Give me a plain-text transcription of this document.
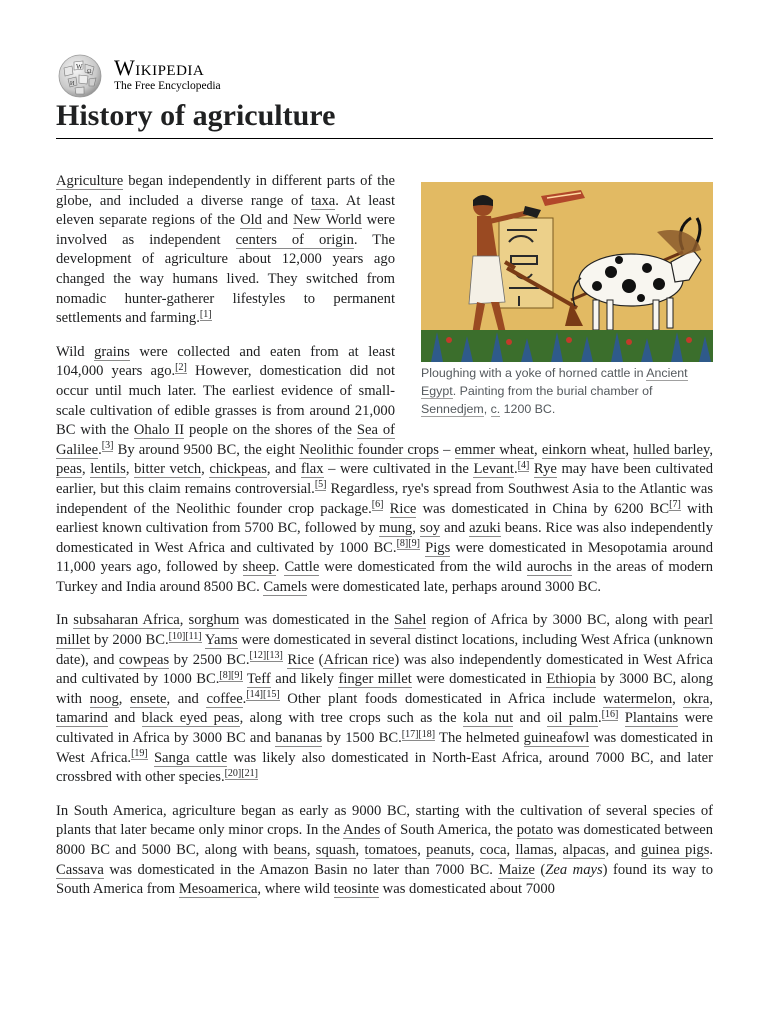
W
Ω
И
Wikipedia
The Free Encyclopedia
History of agriculture
Ploughing with a yoke of horned cattle in Ancient Egypt. Painting from the burial chamber of Sennedjem, c. 1200 BC.

Agriculture began independently in different parts of the globe, and included a diverse range of taxa. At least eleven separate regions of the Old and New World were involved as independent centers of origin. The development of agriculture about 12,000 years ago changed the way humans lived. They switched from nomadic hunter-gatherer lifestyles to permanent settlements and farming.[1]

Wild grains were collected and eaten from at least 104,000 years ago.[2] However, domestication did not occur until much later. The earliest evidence of small-scale cultivation of edible grasses is from around 21,000 BC with the Ohalo II people on the shores of the Sea of Galilee.[3] By around 9500 BC, the eight Neolithic founder crops – emmer wheat, einkorn wheat, hulled barley, peas, lentils, bitter vetch, chickpeas, and flax – were cultivated in the Levant.[4] Rye may have been cultivated earlier, but this claim remains controversial.[5] Regardless, rye's spread from Southwest Asia to the Atlantic was independent of the Neolithic founder crop package.[6] Rice was domesticated in China by 6200 BC[7] with earliest known cultivation from 5700 BC, followed by mung, soy and azuki beans. Rice was also independently domesticated in West Africa and cultivated by 1000 BC.[8][9] Pigs were domesticated in Mesopotamia around 11,000 years ago, followed by sheep. Cattle were domesticated from the wild aurochs in the areas of modern Turkey and India around 8500 BC. Camels were domesticated late, perhaps around 3000 BC.

In subsaharan Africa, sorghum was domesticated in the Sahel region of Africa by 3000 BC, along with pearl millet by 2000 BC.[10][11] Yams were domesticated in several distinct locations, including West Africa (unknown date), and cowpeas by 2500 BC.[12][13] Rice (African rice) was also independently domesticated in West Africa and cultivated by 1000 BC.[8][9] Teff and likely finger millet were domesticated in Ethiopia by 3000 BC, along with noog, ensete, and coffee.[14][15] Other plant foods domesticated in Africa include watermelon, okra, tamarind and black eyed peas, along with tree crops such as the kola nut and oil palm.[16] Plantains were cultivated in Africa by 3000 BC and bananas by 1500 BC.[17][18] The helmeted guineafowl was domesticated in West Africa.[19] Sanga cattle was likely also domesticated in North-East Africa, around 7000 BC, and later crossbred with other species.[20][21]

In South America, agriculture began as early as 9000 BC, starting with the cultivation of several species of plants that later became only minor crops. In the Andes of South America, the potato was domesticated between 8000 BC and 5000 BC, along with beans, squash, tomatoes, peanuts, coca, llamas, alpacas, and guinea pigs. Cassava was domesticated in the Amazon Basin no later than 7000 BC. Maize (Zea mays) found its way to South America from Mesoamerica, where wild teosinte was domesticated about 7000
